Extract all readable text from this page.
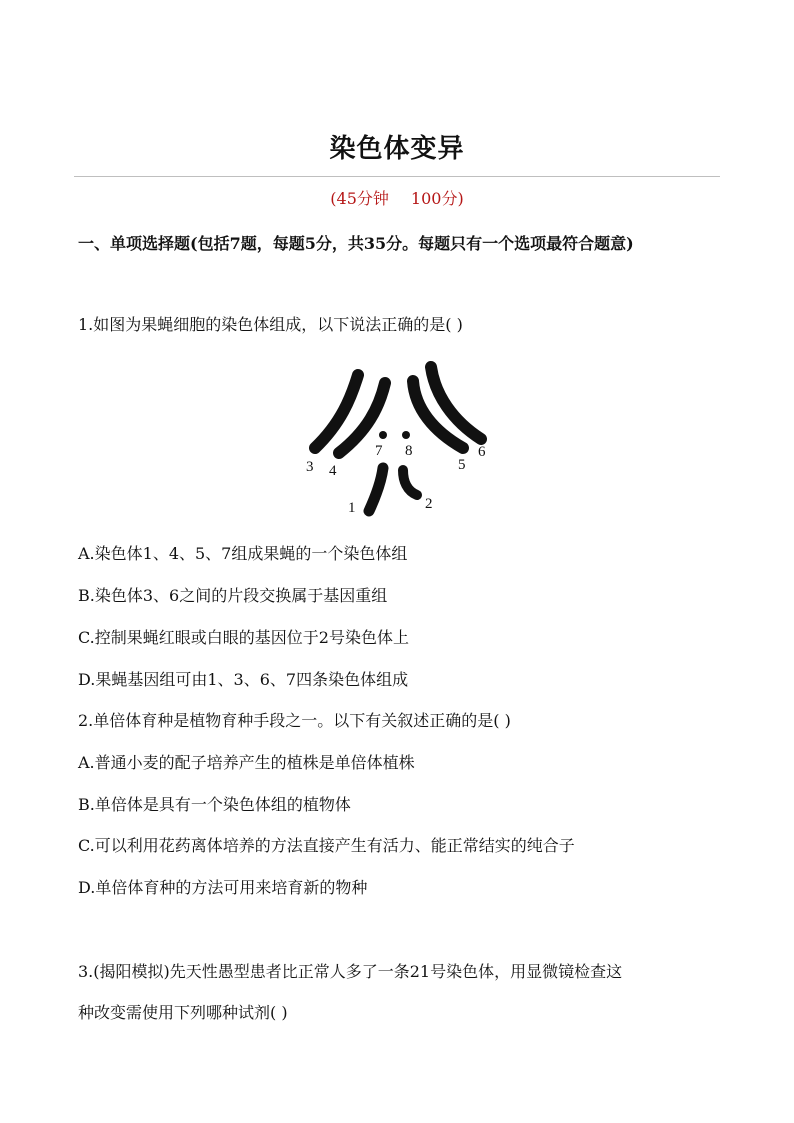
染色体变异
(45分钟 100分)
一、单项选择题(包括7题，每题5分，共35分。每题只有一个选项最符合题意)
1.如图为果蝇细胞的染色体组成，以下说法正确的是( )
3 4
7 8
5
6
1	2
A.染色体1、4、5、7组成果蝇的一个染色体组
B.染色体3、6之间的片段交换属于基因重组
C.控制果蝇红眼或白眼的基因位于2号染色体上
D.果蝇基因组可由1、3、6、7四条染色体组成
2.单倍体育种是植物育种手段之一。以下有关叙述正确的是( )
A.普通小麦的配子培养产生的植株是单倍体植株
B.单倍体是具有一个染色体组的植物体
C.可以利用花药离体培养的方法直接产生有活力、能正常结实的纯合子
D.单倍体育种的方法可用来培育新的物种
3.(揭阳模拟)先天性愚型患者比正常人多了一条21号染色体，用显微镜检查这
种改变需使用下列哪种试剂( )
